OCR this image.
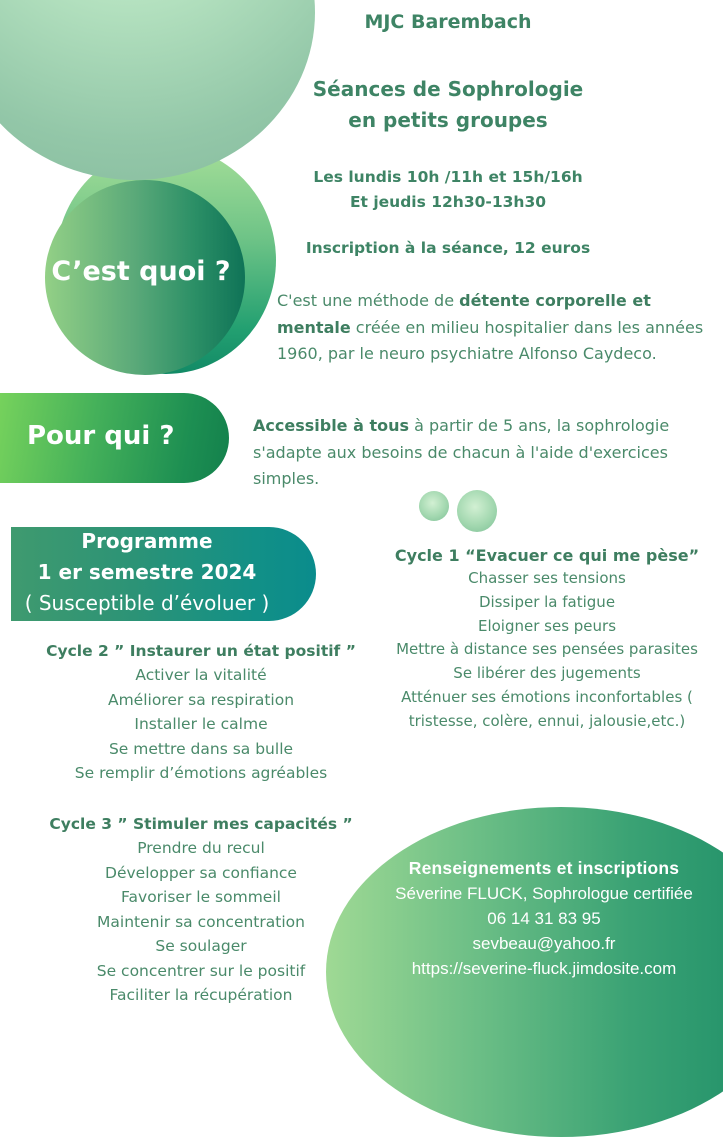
C’est quoi ?
MJC Barembach
Séances de Sophrologie
en petits groupes
Les lundis 10h /11h et 15h/16h
Et jeudis 12h30-13h30
Inscription à la séance, 12 euros
C'est une méthode de détente corporelle et mentale créée en milieu hospitalier dans les années 1960, par le neuro psychiatre Alfonso Caydeco.
Pour qui ?	Accessible à tous à partir de 5 ans, la sophrologie s'adapte aux besoins de chacun à l'aide d'exercices simples.
Programme
1 er semestre 2024
( Susceptible d’évoluer )
Cycle 1 “Evacuer ce qui me pèse”
Chasser ses tensions
Dissiper la fatigue
Eloigner ses peurs
Mettre à distance ses pensées parasites
Se libérer des jugements
Atténuer ses émotions inconfortables (
tristesse, colère, ennui, jalousie,etc.)
Cycle 2 ” Instaurer un état positif ”
Activer la vitalité
Améliorer sa respiration
Installer le calme
Se mettre dans sa bulle
Se remplir d’émotions agréables
Cycle 3 ” Stimuler mes capacités ”
Prendre du recul
Développer sa confiance
Favoriser le sommeil
Maintenir sa concentration
Se soulager
Se concentrer sur le positif
Faciliter la récupération
Renseignements et inscriptions
Séverine FLUCK, Sophrologue certifiée
06 14 31 83 95
sevbeau@yahoo.fr
https://severine-fluck.jimdosite.com
